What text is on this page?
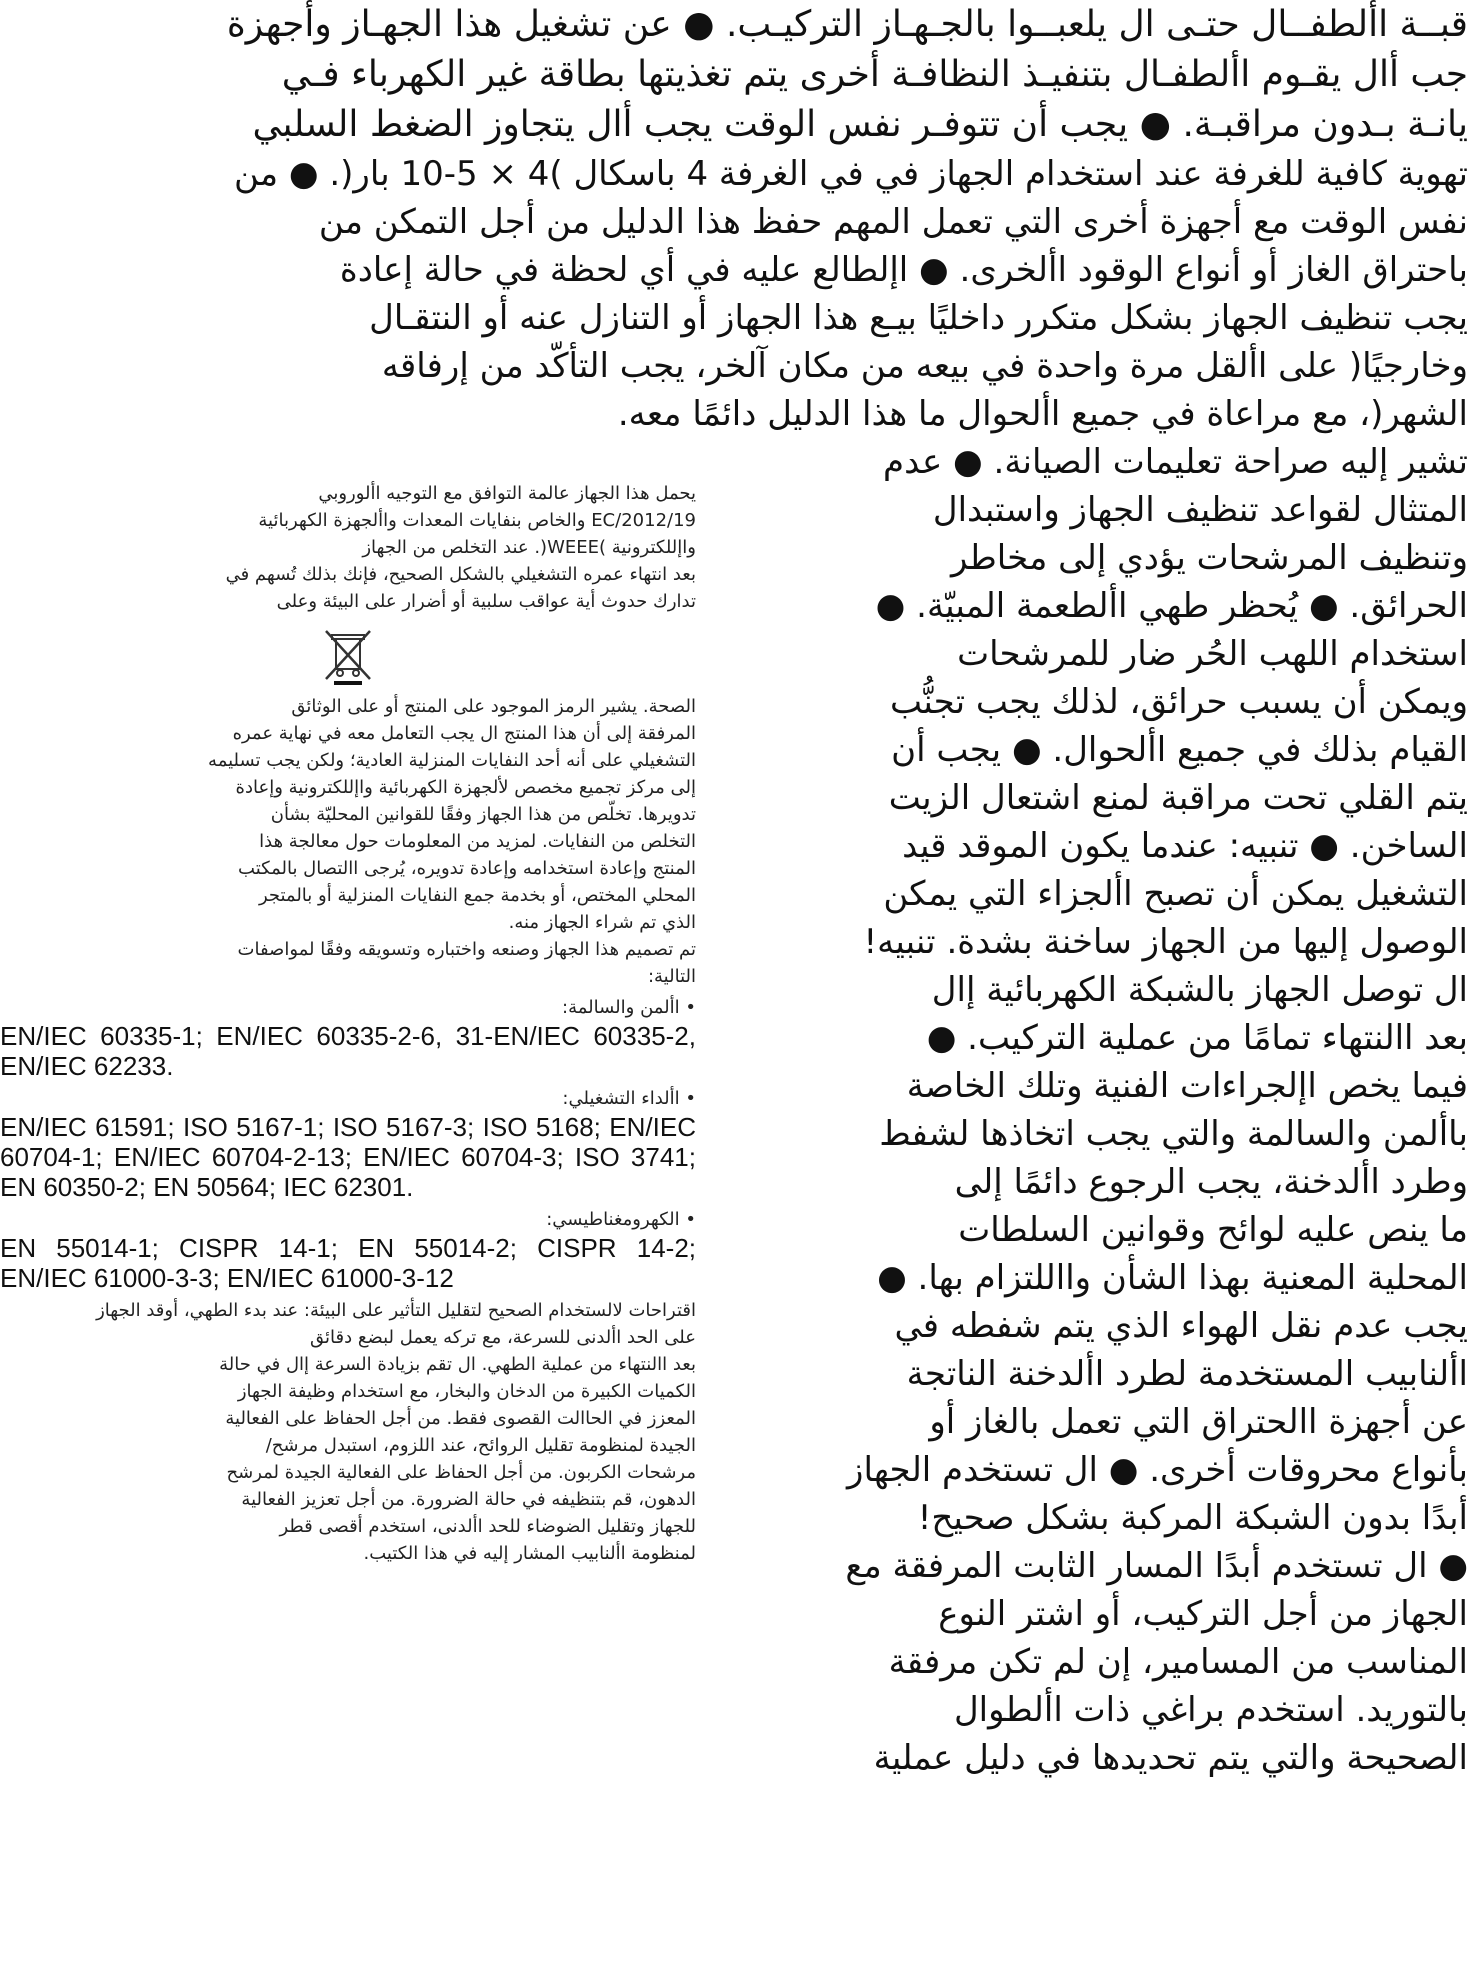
قبــة األطفــال حتـى ال يلعبــوا بالجـهـاز التركيـب. ● عن تشغيل هذا الجهـاز وأجهزة

جب أال يقـوم األطفـال بتنفيـذ النظافـة أخرى يتم تغذيتها بطاقة غير الكهرباء فـي

يانـة بـدون مراقبـة. ● يجب أن تتوفـر نفس الوقت يجب أال يتجاوز الضغط السلبي

يحمل هذا الجهاز عالمة التوافق مع التوجيه األوروبي

2012/19/EC والخاص بنفايات المعدات واألجهزة الكهربائية

واإللكترونية )WEEE(. عند التخلص من الجهاز

بعد انتهاء عمره التشغيلي بالشكل الصحيح، فإنك بذلك تُسهم في

تدارك حدوث أية عواقب سلبية أو أضرار على البيئة وعلى

الصحة. يشير الرمز الموجود على المنتج أو على الوثائق

المرفقة إلى أن هذا المنتج ال يجب التعامل معه في نهاية عمره

التشغيلي على أنه أحد النفايات المنزلية العادية؛ ولكن يجب تسليمه

إلى مركز تجميع مخصص لألجهزة الكهربائية واإللكترونية وإعادة

تدويرها. تخلّص من هذا الجهاز وفقًا للقوانين المحليّة بشأن

التخلص من النفايات. لمزيد من المعلومات حول معالجة هذا

المنتج وإعادة استخدامه وإعادة تدويره، يُرجى االتصال بالمكتب

المحلي المختص، أو بخدمة جمع النفايات المنزلية أو بالمتجر

الذي تم شراء الجهاز منه.

تم تصميم هذا الجهاز وصنعه واختباره وتسويقه وفقًا لمواصفات

التالية:

• األمن والسالمة:

EN/IEC 60335-1; EN/IEC 60335-2-6, 31-EN/IEC 60335-2, EN/IEC 62233.

• األداء التشغيلي:

EN/IEC 61591; ISO 5167-1; ISO 5167-3; ISO 5168; EN/IEC 60704-1; EN/IEC 60704-2-13; EN/IEC 60704-3; ISO 3741; EN 60350-2; EN 50564; IEC 62301.

• الكهرومغناطيسي:

EN 55014-1; CISPR 14-1; EN 55014-2; CISPR 14-2; EN/IEC 61000-3-3; EN/IEC 61000-3-12

اقتراحات لالستخدام الصحيح لتقليل التأثير على البيئة: عند بدء الطهي، أوقد الجهاز

على الحد األدنى للسرعة، مع تركه يعمل لبضع دقائق

بعد االنتهاء من عملية الطهي. ال تقم بزيادة السرعة إال في حالة

الكميات الكبيرة من الدخان والبخار، مع استخدام وظيفة الجهاز

المعزز في الحاالت القصوى فقط. من أجل الحفاظ على الفعالية

الجيدة لمنظومة تقليل الروائح، عند اللزوم، استبدل مرشح/

مرشحات الكربون. من أجل الحفاظ على الفعالية الجيدة لمرشح

الدهون، قم بتنظيفه في حالة الضرورة. من أجل تعزيز الفعالية

للجهاز وتقليل الضوضاء للحد األدنى، استخدم أقصى قطر

لمنظومة األنابيب المشار إليه في هذا الكتيب.

تهوية كافية للغرفة عند استخدام الجهاز في في الغرفة 4 باسكال )4 × 5-10 بار(. ● من

نفس الوقت مع أجهزة أخرى التي تعمل المهم حفظ هذا الدليل من أجل التمكن من

باحتراق الغاز أو أنواع الوقود األخرى. ● اإلطالع عليه في أي لحظة في حالة إعادة

يجب تنظيف الجهاز بشكل متكرر داخليًا بيـع هذا الجهاز أو التنازل عنه أو النتقـال

وخارجيًا( على األقل مرة واحدة في بيعه من مكان آلخر، يجب التأكّد من إرفاقه

الشهر(، مع مراعاة في جميع األحوال ما هذا الدليل دائمًا معه.

تشير إليه صراحة تعليمات الصيانة. ● عدم

المتثال لقواعد تنظيف الجهاز واستبدال

وتنظيف المرشحات يؤدي إلى مخاطر

الحرائق. ● يُحظر طهي األطعمة المبيّة. ●

استخدام اللهب الحُر ضار للمرشحات

ويمكن أن يسبب حرائق، لذلك يجب تجنُّب

القيام بذلك في جميع األحوال. ● يجب أن

يتم القلي تحت مراقبة لمنع اشتعال الزيت

الساخن. ● تنبيه: عندما يكون الموقد قيد

التشغيل يمكن أن تصبح األجزاء التي يمكن

الوصول إليها من الجهاز ساخنة بشدة. تنبيه!

ال توصل الجهاز بالشبكة الكهربائية إال

بعد االنتهاء تمامًا من عملية التركيب. ●

فيما يخص اإلجراءات الفنية وتلك الخاصة

باألمن والسالمة والتي يجب اتخاذها لشفط

وطرد األدخنة، يجب الرجوع دائمًا إلى

ما ينص عليه لوائح وقوانين السلطات

المحلية المعنية بهذا الشأن وااللتزام بها. ●

يجب عدم نقل الهواء الذي يتم شفطه في

األنابيب المستخدمة لطرد األدخنة الناتجة

عن أجهزة االحتراق التي تعمل بالغاز أو

بأنواع محروقات أخرى. ● ال تستخدم الجهاز

أبدًا بدون الشبكة المركبة بشكل صحيح!

● ال تستخدم أبدًا المسار الثابت المرفقة مع

الجهاز من أجل التركيب، أو اشتر النوع

المناسب من المسامير، إن لم تكن مرفقة

بالتوريد. استخدم براغي ذات األطوال

الصحيحة والتي يتم تحديدها في دليل عملية
